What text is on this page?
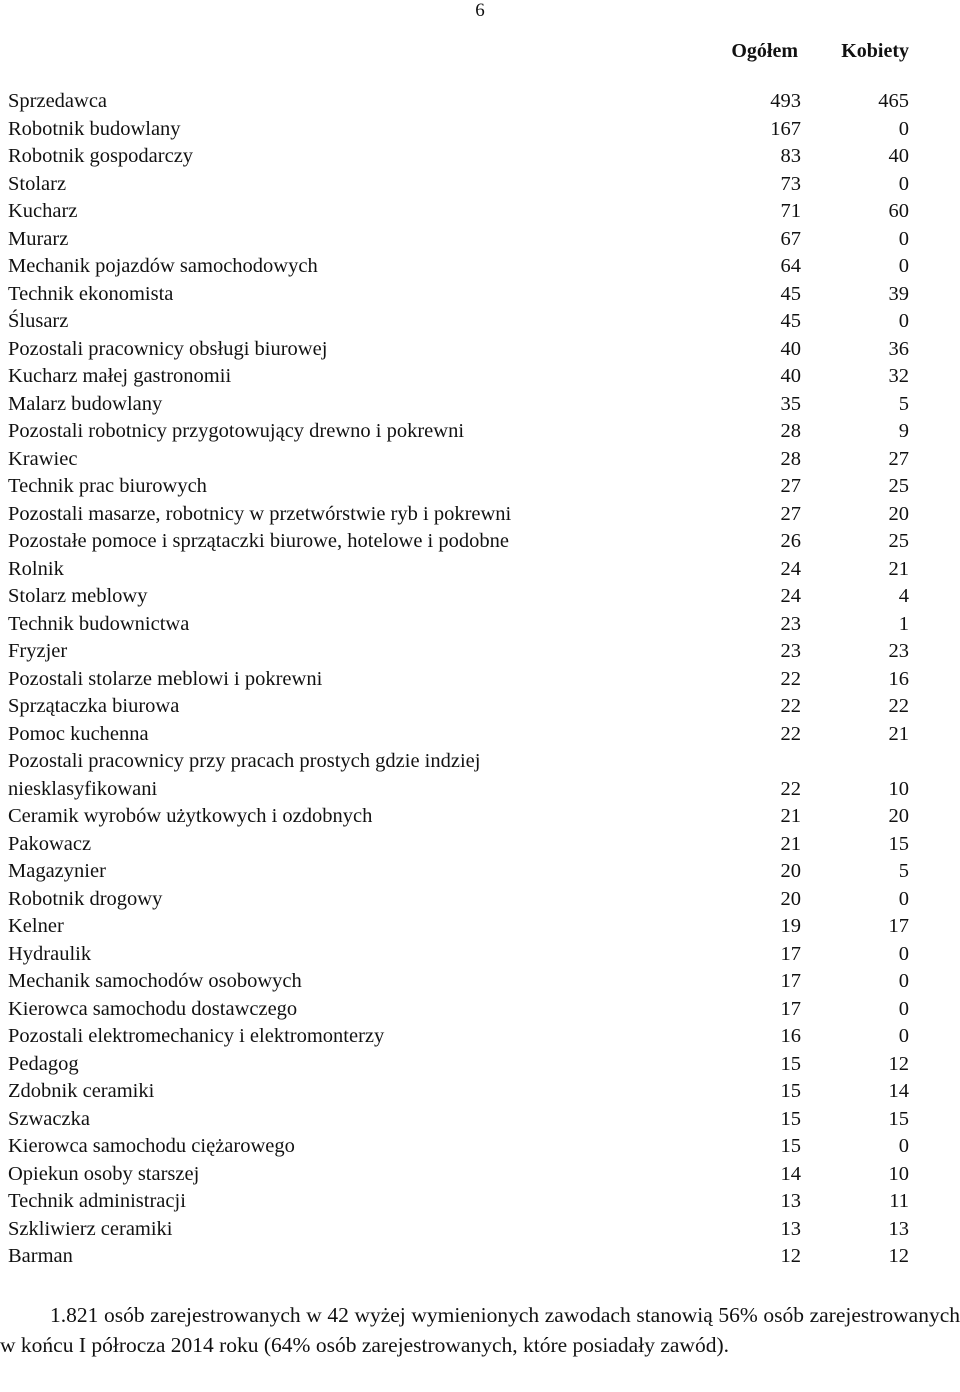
6
Ogółem Kobiety
Sprzedawca	493	465
Robotnik budowlany	167	0
Robotnik gospodarczy	83	40
Stolarz	73	0
Kucharz	71	60
Murarz	67	0
Mechanik pojazdów samochodowych	64	0
Technik ekonomista	45	39
Ślusarz	45	0
Pozostali pracownicy obsługi biurowej	40	36
Kucharz małej gastronomii	40	32
Malarz budowlany	35	5
Pozostali robotnicy przygotowujący drewno i pokrewni	28	9
Krawiec	28	27
Technik prac biurowych	27	25
Pozostali masarze, robotnicy w przetwórstwie ryb i pokrewni	27	20
Pozostałe pomoce i sprzątaczki biurowe, hotelowe i podobne	26	25
Rolnik	24	21
Stolarz meblowy	24	4
Technik budownictwa	23	1
Fryzjer	23	23
Pozostali stolarze meblowi i pokrewni	22	16
Sprzątaczka biurowa	22	22
Pomoc kuchenna	22	21
Pozostali pracownicy przy pracach prostych gdzie indziej niesklasyfikowani	22	10
Ceramik wyrobów użytkowych i ozdobnych	21	20
Pakowacz	21	15
Magazynier	20	5
Robotnik drogowy	20	0
Kelner	19	17
Hydraulik	17	0
Mechanik samochodów osobowych	17	0
Kierowca samochodu dostawczego	17	0
Pozostali elektromechanicy i elektromonterzy	16	0
Pedagog	15	12
Zdobnik ceramiki	15	14
Szwaczka	15	15
Kierowca samochodu ciężarowego	15	0
Opiekun osoby starszej	14	10
Technik administracji	13	11
Szkliwierz ceramiki	13	13
Barman	12	12
1.821 osób zarejestrowanych w 42 wyżej wymienionych zawodach stanowią 56% osób zarejestrowanych w końcu I półrocza 2014 roku (64% osób zarejestrowanych, które posiadały zawód).
